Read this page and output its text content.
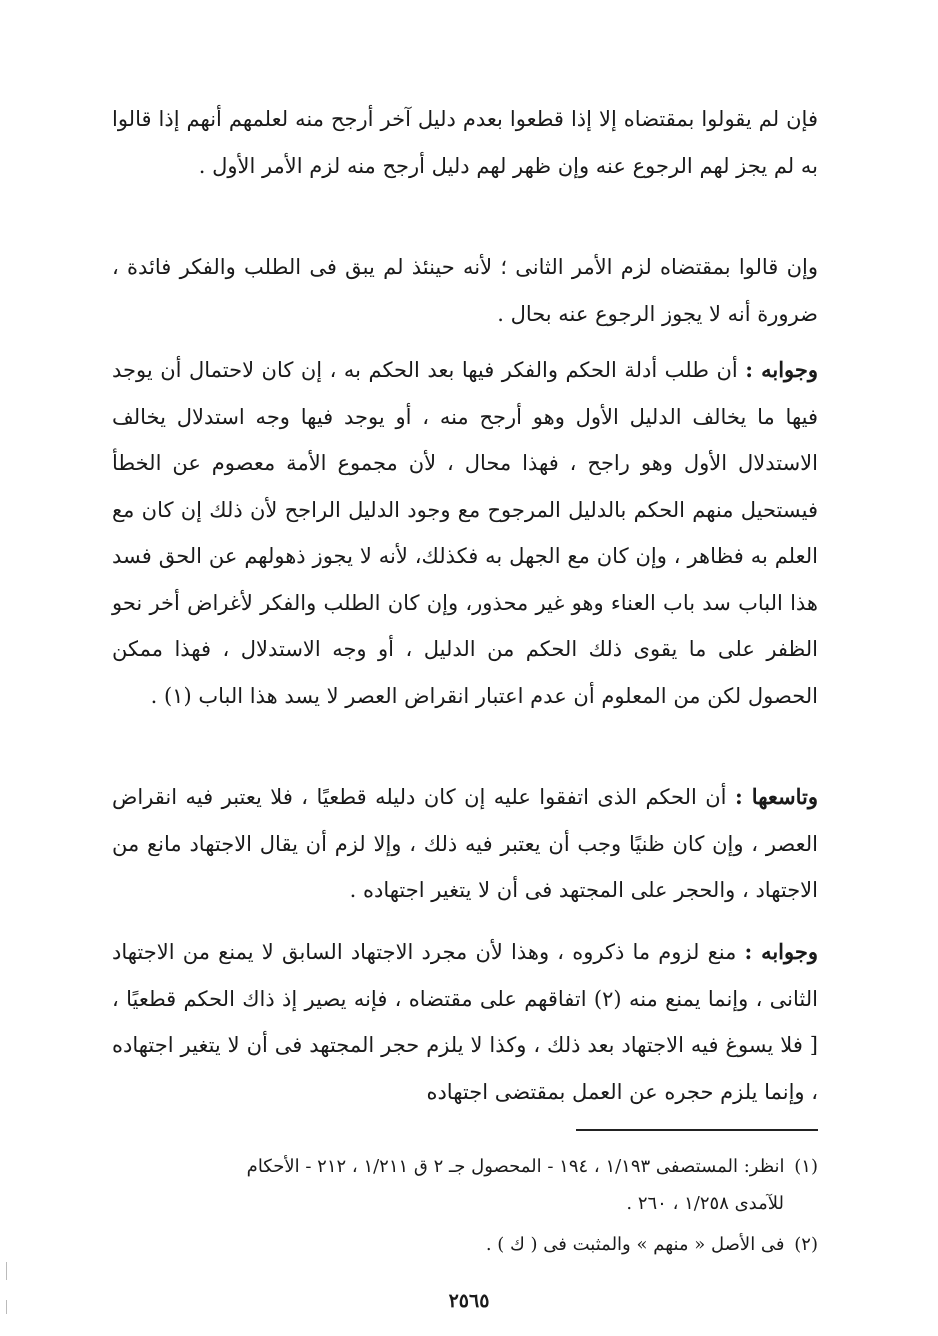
فإن لم يقولوا بمقتضاه إلا إذا قطعوا بعدم دليل آخر أرجح منه لعلمهم أنهم إذا قالوا به لم يجز لهم الرجوع عنه وإن ظهر لهم دليل أرجح منه لزم الأمر الأول .

وإن قالوا بمقتضاه لزم الأمر الثانى ؛ لأنه حينئذ لم يبق فى الطلب والفكر فائدة ، ضرورة أنه لا يجوز الرجوع عنه بحال .

وجوابه : أن طلب أدلة الحكم والفكر فيها بعد الحكم به ، إن كان لاحتمال أن يوجد فيها ما يخالف الدليل الأول وهو أرجح منه ، أو يوجد فيها وجه استدلال يخالف الاستدلال الأول وهو راجح ، فهذا محال ، لأن مجموع الأمة معصوم عن الخطأ فيستحيل منهم الحكم بالدليل المرجوح مع وجود الدليل الراجح لأن ذلك إن كان مع العلم به فظاهر ، وإن كان مع الجهل به فكذلك، لأنه لا يجوز ذهولهم عن الحق فسد هذا الباب سد باب العناء وهو غير محذور، وإن كان الطلب والفكر لأغراض أخر نحو الظفر على ما يقوى ذلك الحكم من الدليل ، أو وجه الاستدلال ، فهذا ممكن الحصول لكن من المعلوم أن عدم اعتبار انقراض العصر لا يسد هذا الباب (١) .

وتاسعها : أن الحكم الذى اتفقوا عليه إن كان دليله قطعيًا ، فلا يعتبر فيه انقراض العصر ، وإن كان ظنيًا وجب أن يعتبر فيه ذلك ، وإلا لزم أن يقال الاجتهاد مانع من الاجتهاد ، والحجر على المجتهد فى أن لا يتغير اجتهاده .

وجوابه : منع لزوم ما ذكروه ، وهذا لأن مجرد الاجتهاد السابق لا يمنع من الاجتهاد الثانى ، وإنما يمنع منه (٢) اتفاقهم على مقتضاه ، فإنه يصير إذ ذاك الحكم قطعيًا ، [ فلا يسوغ فيه الاجتهاد بعد ذلك ، وكذا لا يلزم حجر المجتهد فى أن لا يتغير اجتهاده ، وإنما يلزم حجره عن العمل بمقتضى اجتهاده

(١) انظر: المستصفى ١/١٩٣ ، ١٩٤ - المحصول جـ ٢ ق ١/٢١١ ، ٢١٢ - الأحكام

للآمدى ١/٢٥٨ ، ٢٦٠ .

(٢) فى الأصل « منهم » والمثبت فى ( ك ) .

٢٥٦٥
